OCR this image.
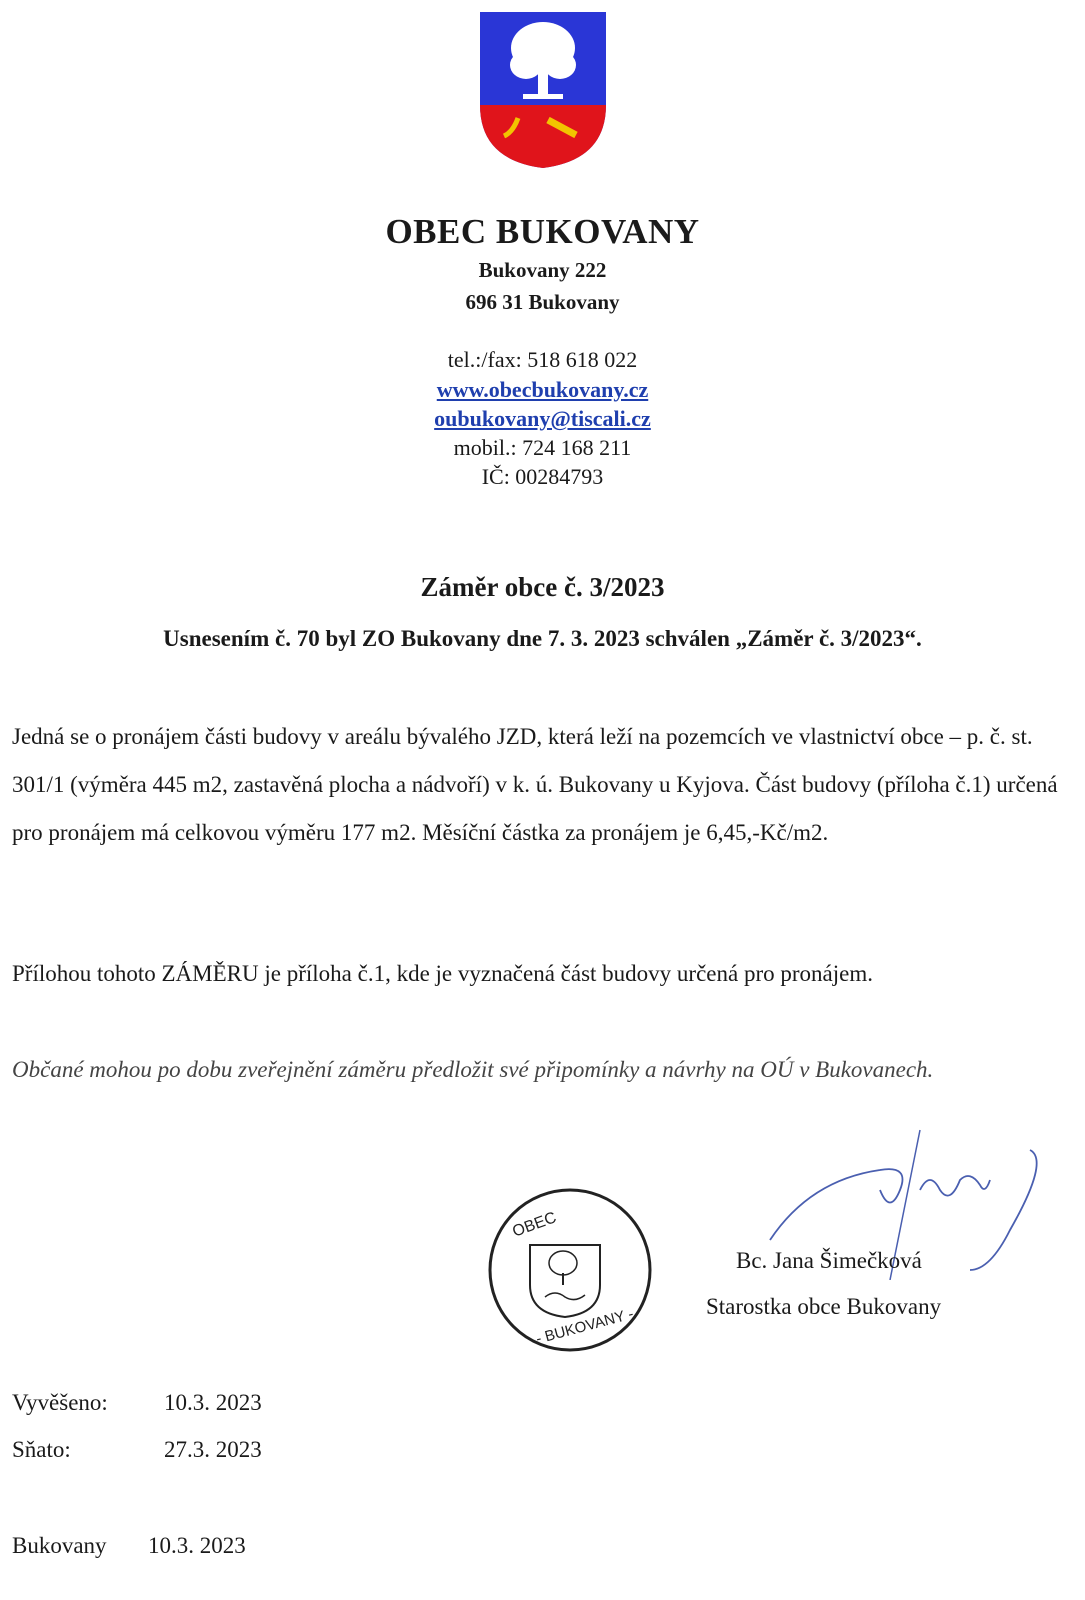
OBEC BUKOVANY
Bukovany 222
696 31 Bukovany
tel.:/fax: 518 618 022
www.obecbukovany.cz
oubukovany@tiscali.cz
mobil.: 724 168 211
IČ: 00284793
Záměr obce č. 3/2023
Usnesením č. 70 byl ZO Bukovany dne 7. 3. 2023 schválen „Záměr č. 3/2023“.
Jedná se o pronájem části budovy v areálu bývalého JZD, která leží na pozemcích ve vlastnictví obce – p. č. st. 301/1 (výměra 445 m2, zastavěná plocha a nádvoří) v k. ú. Bukovany u Kyjova. Část budovy (příloha č.1) určená pro pronájem má celkovou výměru 177 m2. Měsíční částka za pronájem je 6,45,-Kč/m2.
Přílohou tohoto ZÁMĚRU je příloha č.1, kde je vyznačená část budovy určená pro pronájem.
Občané mohou po dobu zveřejnění záměru předložit své připomínky a návrhy na OÚ v Bukovanech.
OBEC
- BUKOVANY -
Bc. Jana Šimečková
Starostka obce Bukovany
Vyvěšeno: 10.3. 2023
Sňato:	27.3. 2023
Bukovany 10.3. 2023
